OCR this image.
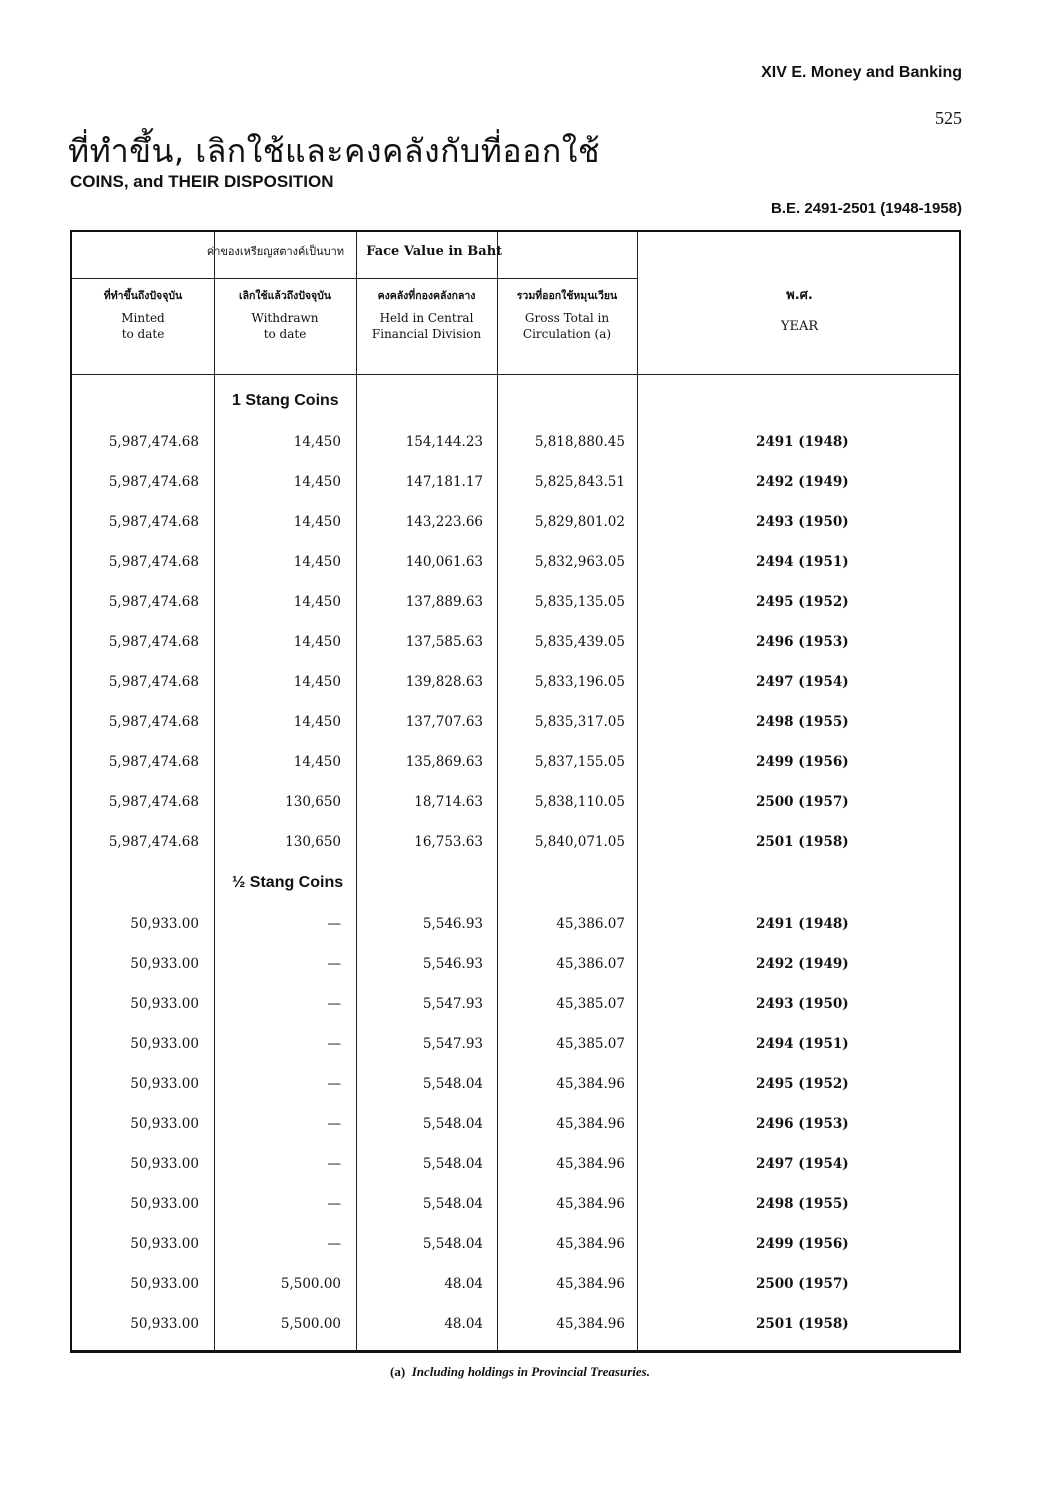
XIV E. Money and Banking
525
ที่ทำขึ้น, เลิกใช้และคงคลังกับที่ออกใช้
COINS, and THEIR DISPOSITION
B.E. 2491-2501 (1948-1958)
ค่าของเหรียญสตางค์เป็นบาท Face Value in Baht
ที่ทำขึ้นถึงปัจจุบัน
Minted
to date
เลิกใช้แล้วถึงปัจจุบัน
Withdrawn
to date
คงคลังที่กองคลังกลาง
Held in Central
Financial Division
รวมที่ออกใช้หมุนเวียน
Gross Total in
Circulation (a)
พ.ศ.
YEAR
1 Stang Coins
5,987,474.68	14,450	154,144.23	5,818,880.45	2491 (1948)
5,987,474.68	14,450	147,181.17	5,825,843.51	2492 (1949)
5,987,474.68	14,450	143,223.66	5,829,801.02	2493 (1950)
5,987,474.68	14,450	140,061.63	5,832,963.05	2494 (1951)
5,987,474.68	14,450	137,889.63	5,835,135.05	2495 (1952)
5,987,474.68	14,450	137,585.63	5,835,439.05	2496 (1953)
5,987,474.68	14,450	139,828.63	5,833,196.05	2497 (1954)
5,987,474.68	14,450	137,707.63	5,835,317.05	2498 (1955)
5,987,474.68	14,450	135,869.63	5,837,155.05	2499 (1956)
5,987,474.68	130,650	18,714.63	5,838,110.05	2500 (1957)
5,987,474.68	130,650	16,753.63	5,840,071.05	2501 (1958)
½ Stang Coins
50,933.00	—	5,546.93	45,386.07	2491 (1948)
50,933.00	—	5,546.93	45,386.07	2492 (1949)
50,933.00	—	5,547.93	45,385.07	2493 (1950)
50,933.00	—	5,547.93	45,385.07	2494 (1951)
50,933.00	—	5,548.04	45,384.96	2495 (1952)
50,933.00	—	5,548.04	45,384.96	2496 (1953)
50,933.00	—	5,548.04	45,384.96	2497 (1954)
50,933.00	—	5,548.04	45,384.96	2498 (1955)
50,933.00	—	5,548.04	45,384.96	2499 (1956)
50,933.00	5,500.00	48.04	45,384.96	2500 (1957)
50,933.00	5,500.00	48.04	45,384.96	2501 (1958)
(a) Including holdings in Provincial Treasuries.
